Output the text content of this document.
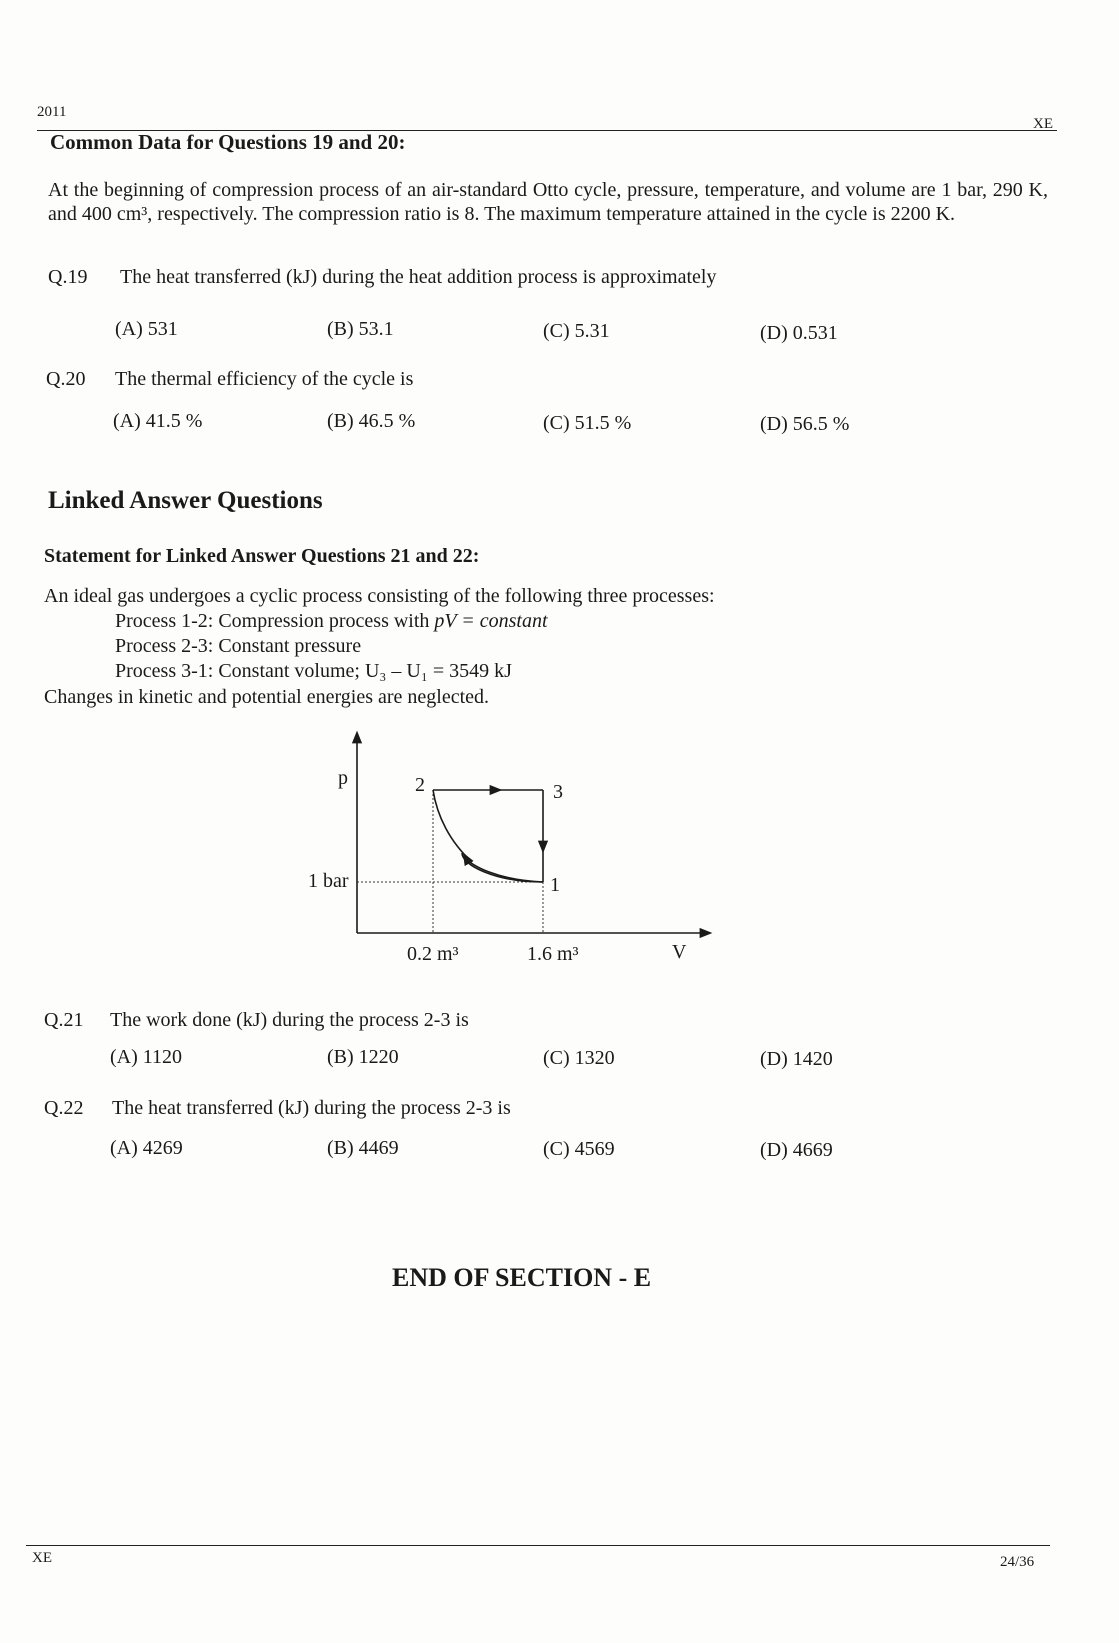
2011
XE
Common Data for Questions 19 and 20:
At the beginning of compression process of an air-standard Otto cycle, pressure, temperature, and volume are 1 bar, 290 K, and 400 cm³, respectively. The compression ratio is 8. The maximum temperature attained in the cycle is 2200 K.
Q.19 The heat transferred (kJ) during the heat addition process is approximately
(A) 531	(B) 53.1	(C) 5.31	(D) 0.531
Q.20 The thermal efficiency of the cycle is
(A) 41.5 %	(B) 46.5 %	(C) 51.5 %	(D) 56.5 %
Linked Answer Questions
Statement for Linked Answer Questions 21 and 22:
An ideal gas undergoes a cyclic process consisting of the following three processes:
Process 1-2: Compression process with pV = constant
Process 2-3: Constant pressure
Process 3-1: Constant volume; U₃ – U₁ = 3549 kJ
Changes in kinetic and potential energies are neglected.
p
V
1 bar
0.2 m³	1.6 m³
2	3
1
Q.21 The work done (kJ) during the process 2-3 is
(A) 1120	(B) 1220	(C) 1320	(D) 1420
Q.22 The heat transferred (kJ) during the process 2-3 is
(A) 4269	(B) 4469	(C) 4569	(D) 4669
END OF SECTION - E
XE	24/36
